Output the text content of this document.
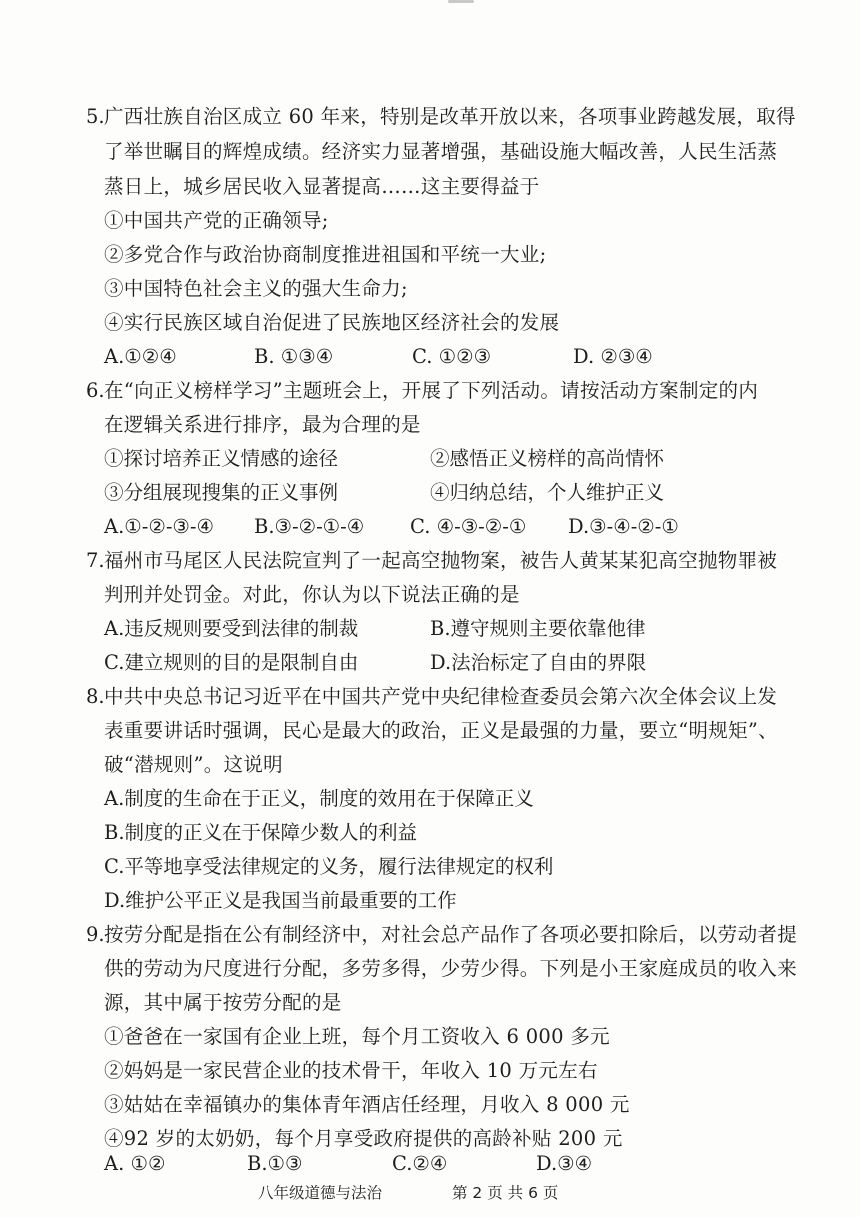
5. 广西壮族自治区成立 60 年来，特别是改革开放以来，各项事业跨越发展，取得
了举世瞩目的辉煌成绩。经济实力显著增强，基础设施大幅改善，人民生活蒸
蒸日上，城乡居民收入显著提高……这主要得益于
①中国共产党的正确领导;
②多党合作与政治协商制度推进祖国和平统一大业;
③中国特色社会主义的强大生命力;
④实行民族区域自治促进了民族地区经济社会的发展
A.①②④	B. ①③④	C. ①②③	D. ②③④
6. 在“向正义榜样学习”主题班会上，开展了下列活动。请按活动方案制定的内
在逻辑关系进行排序，最为合理的是
①探讨培养正义情感的途径	②感悟正义榜样的高尚情怀
③分组展现搜集的正义事例	④归纳总结，个人维护正义
A.①-②-③-④ B.③-②-①-④ C. ④-③-②-① D.③-④-②-①
7. 福州市马尾区人民法院宣判了一起高空抛物案，被告人黄某某犯高空抛物罪被
判刑并处罚金。对此，你认为以下说法正确的是
A.违反规则要受到法律的制裁	B.遵守规则主要依靠他律
C.建立规则的目的是限制自由	D.法治标定了自由的界限
8. 中共中央总书记习近平在中国共产党中央纪律检查委员会第六次全体会议上发
表重要讲话时强调，民心是最大的政治，正义是最强的力量，要立“明规矩”、
破“潜规则”。这说明
A.制度的生命在于正义，制度的效用在于保障正义
B.制度的正义在于保障少数人的利益
C.平等地享受法律规定的义务，履行法律规定的权利
D.维护公平正义是我国当前最重要的工作
9. 按劳分配是指在公有制经济中，对社会总产品作了各项必要扣除后，以劳动者提
供的劳动为尺度进行分配，多劳多得，少劳少得。下列是小王家庭成员的收入来
源，其中属于按劳分配的是
①爸爸在一家国有企业上班，每个月工资收入 6 000 多元
②妈妈是一家民营企业的技术骨干，年收入 10 万元左右
③姑姑在幸福镇办的集体青年酒店任经理，月收入 8 000 元
④92 岁的太奶奶，每个月享受政府提供的高龄补贴 200 元
A. ①②	B.①③	C.②④	D.③④
八年级道德与法治	第 2 页 共 6 页
